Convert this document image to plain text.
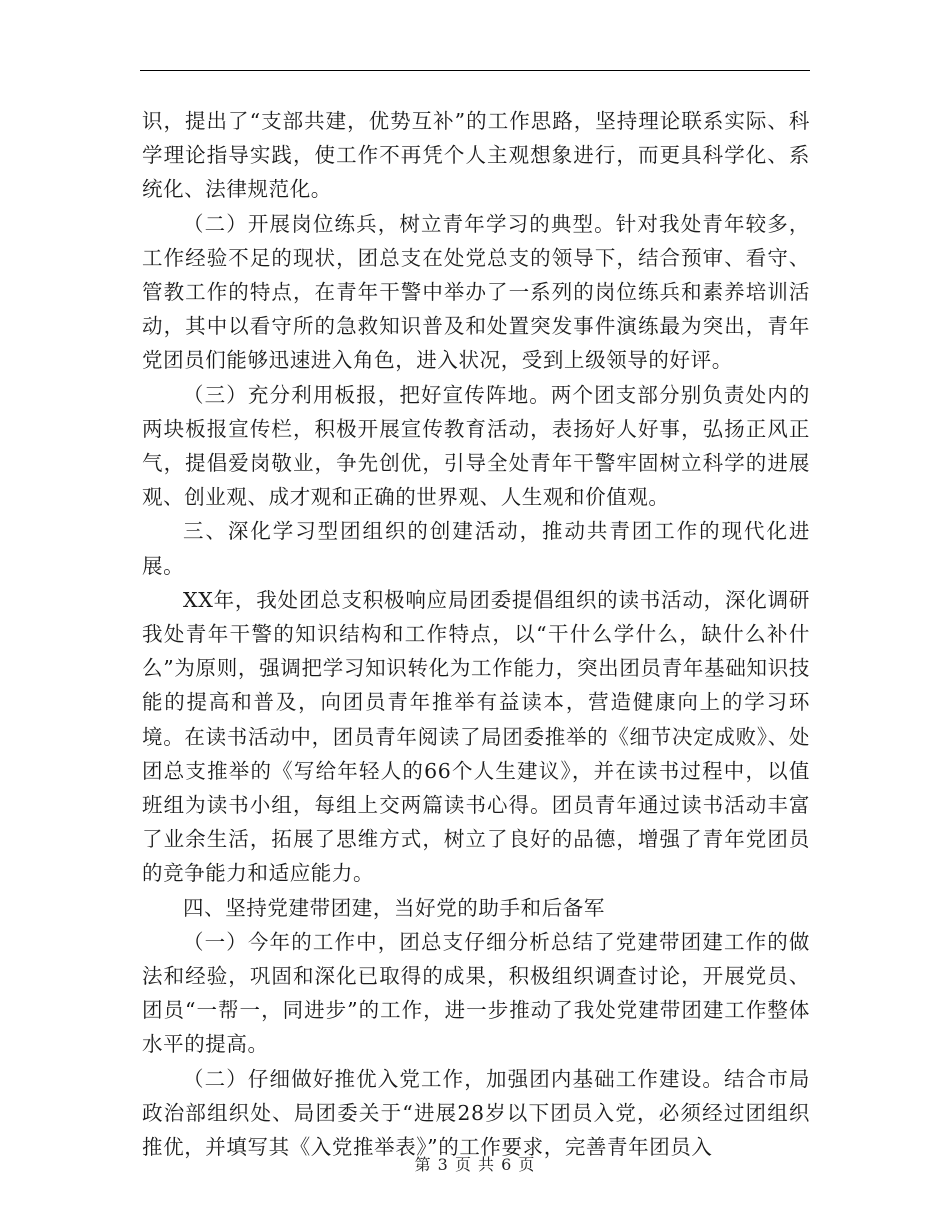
识，提出了“支部共建，优势互补”的工作思路，坚持理论联系实际、科学理论指导实践，使工作不再凭个人主观想象进行，而更具科学化、系统化、法律规范化。

（二）开展岗位练兵，树立青年学习的典型。针对我处青年较多，工作经验不足的现状，团总支在处党总支的领导下，结合预审、看守、管教工作的特点，在青年干警中举办了一系列的岗位练兵和素养培训活动，其中以看守所的急救知识普及和处置突发事件演练最为突出，青年党团员们能够迅速进入角色，进入状况，受到上级领导的好评。

（三）充分利用板报，把好宣传阵地。两个团支部分别负责处内的两块板报宣传栏，积极开展宣传教育活动，表扬好人好事，弘扬正风正气，提倡爱岗敬业，争先创优，引导全处青年干警牢固树立科学的进展观、创业观、成才观和正确的世界观、人生观和价值观。

三、深化学习型团组织的创建活动，推动共青团工作的现代化进展。

XX年，我处团总支积极响应局团委提倡组织的读书活动，深化调研我处青年干警的知识结构和工作特点，以“干什么学什么，缺什么补什么”为原则，强调把学习知识转化为工作能力，突出团员青年基础知识技能的提高和普及，向团员青年推举有益读本，营造健康向上的学习环境。在读书活动中，团员青年阅读了局团委推举的《细节决定成败》、处团总支推举的《写给年轻人的66个人生建议》，并在读书过程中，以值班组为读书小组，每组上交两篇读书心得。团员青年通过读书活动丰富了业余生活，拓展了思维方式，树立了良好的品德，增强了青年党团员的竞争能力和适应能力。

四、坚持党建带团建，当好党的助手和后备军

（一）今年的工作中，团总支仔细分析总结了党建带团建工作的做法和经验，巩固和深化已取得的成果，积极组织调查讨论，开展党员、团员“一帮一，同进步”的工作，进一步推动了我处党建带团建工作整体水平的提高。

（二）仔细做好推优入党工作，加强团内基础工作建设。结合市局政治部组织处、局团委关于“进展28岁以下团员入党，必须经过团组织推优，并填写其《入党推举表》”的工作要求，完善青年团员入

第 3 页 共 6 页
